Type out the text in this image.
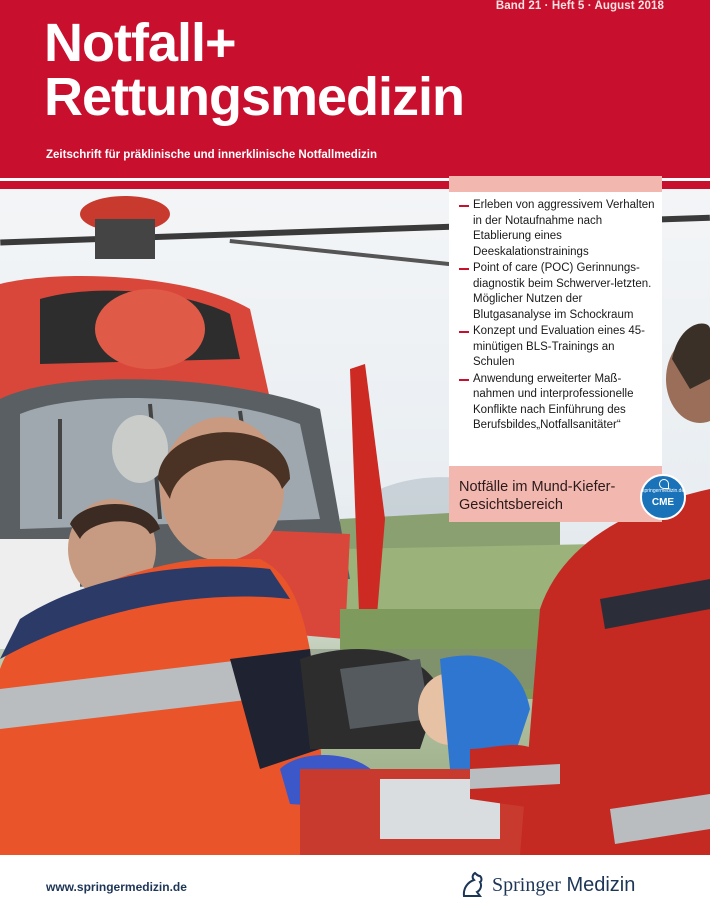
Band 21 · Heft 5 · August 2018
Notfall+
Rettungsmedizin
Zeitschrift für präklinische und innerklinische Notfallmedizin
Erleben von aggressivem Verhalten in der Notaufnahme nach Etablierung eines Deeskalationstrainings
Point of care (POC) Gerinnungs-diagnostik beim Schwerver-letzten. Möglicher Nutzen der Blutgasanalyse im Schockraum
Konzept und Evaluation eines 45-minütigen BLS-Trainings an Schulen
Anwendung erweiterter Maß-nahmen und interprofessionelle Konflikte nach Einführung des Berufsbildes„Notfallsanitäter“
Notfälle im Mund-Kiefer-Gesichtsbereich
springermedizin.de
CME
www.springermedizin.de	Springer Medizin
